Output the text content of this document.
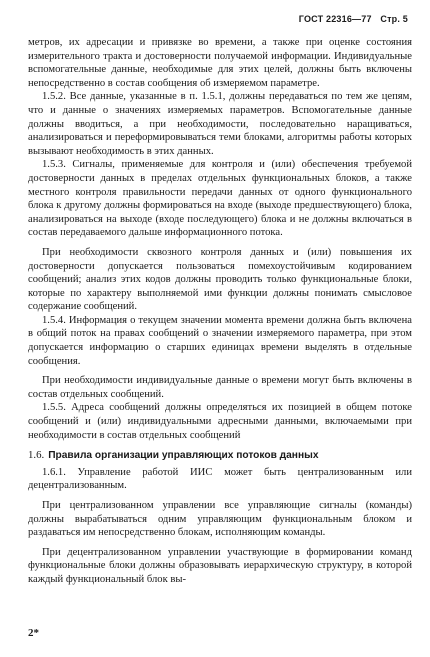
ГОСТ 22316—77 Стр. 5

метров, их адресации и привязке во времени, а также при оценке состояния измерительного тракта и достоверности получаемой информации. Индивидуальные вспомогательные данные, необходимые для этих целей, должны быть включены непосредственно в состав сообщения об измеряемом параметре.

1.5.2. Все данные, указанные в п. 1.5.1, должны передаваться по тем же цепям, что и данные о значениях измеряемых параметров. Вспомогательные данные должны вводиться, а при необходимости, последовательно наращиваться, анализироваться и переформировываться теми блоками, алгоритмы работы которых вызывают необходимость в этих данных.

1.5.3. Сигналы, применяемые для контроля и (или) обеспечения требуемой достоверности данных в пределах отдельных функциональных блоков, а также местного контроля правильности передачи данных от одного функционального блока к другому должны формироваться на входе (выходе предшествующего) блока, анализироваться на выходе (входе последующего) блока и не должны включаться в состав передаваемого дальше информационного потока.

При необходимости сквозного контроля данных и (или) повышения их достоверности допускается пользоваться помехоустойчивым кодированием сообщений; анализ этих кодов должны проводить только функциональные блоки, которые по характеру выполняемой ими функции должны понимать смысловое содержание сообщений.

1.5.4. Информация о текущем значении момента времени должна быть включена в общий поток на правах сообщений о значении измеряемого параметра, при этом допускается информацию о старших единицах времени выделять в отдельные сообщения.

При необходимости индивидуальные данные о времени могут быть включены в состав отдельных сообщений.

1.5.5. Адреса сообщений должны определяться их позицией в общем потоке сообщений и (или) индивидуальными адресными данными, включаемыми при необходимости в состав отдельных сообщений

1.6. Правила организации управляющих потоков данных

1.6.1. Управление работой ИИС может быть централизованным или децентрализованным.

При централизованном управлении все управляющие сигналы (команды) должны вырабатываться одним управляющим функциональным блоком и раздаваться им непосредственно блокам, исполняющим команды.

При децентрализованном управлении участвующие в формировании команд функциональные блоки должны образовывать иерархическую структуру, в которой каждый функциональный блок вы-

2*
